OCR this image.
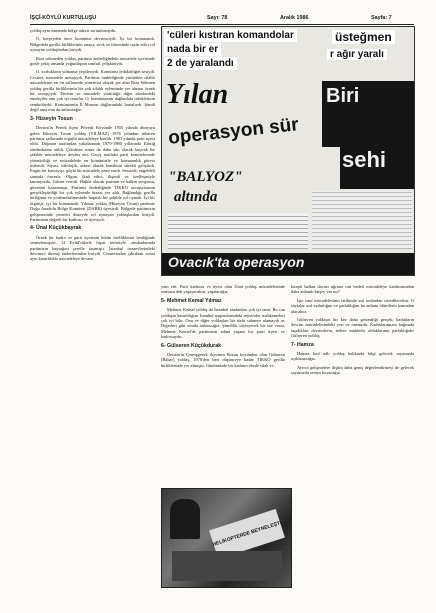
İŞÇİ-KÖYLÜ KURTULUŞU	Sayı: 78	Aralık 1986	Sayfa: 7

yoldaş aynı zamanda bölge askeri sorumlusuydu.

O, herşeyden önce komünist devrimciydi. İyi bir komutandı. Bölgedeki gerilla birliklerinin onaya, sevk ve idaresinde tayin edici rol oynayan yoldaşlardan biriydi.

Rıza sokmeden yoldaş, partinin önderliğindeki mücadele içerisinde gözle çekiç ansında yoğunlaşma sınıfsal çelişkiniyiti.

O, zorlukların yılmama çeşitleriydi. Komünist fedakârlığın sesiydi. Cesaret, mücadele mesajıydı. Partimiz önderliğinde yürütülen silahlı mücadelenin en ön saflarında yöneticisi olarak yer alan Rıza Sökmen yoldaş gerilla birliklerinin bir çok silahlı eyleminde yer alması örnek bir savaşçıydı. Derisin ve mücadele yürüttüğü diğer alanlardaki emekçiler onu çok iyi tanırlar. O, komünizmin dağlardaki tüfeklerinin sembolüydü. Komünizmin İl Munzur dağlarındaki hartalıydı. Şimdi değil ama onu da anlatacağız.

3- Hüseyin Tosun

Dersim'in Pertek ilçesi Pilvesk Köyünde 1955 yılında dünyaya gelen Hüseyin Tosun yoldaş (YILMAZ) 1976 yılından itibaren partimiz saflarında örgütlü mücadeleye katıldı. 1981 yılında parti üyesi oldu. Düşman tarafından yakalanarak 1979-1980 yıllarında Elazığ zindanlarına atıldı. Çıktıktan sonra da daha sıkı olarak kaçırak bir şekilde mücadeleye devam etti. Geçiş mutlaka parti komitelerinde yöneticiliği ve mücadelede en komünistle ve komutanlık görevi üstlendi. Siyasi, ideolojik, askeri olarak kendisini sürekli geliştirdi. Engin bir kavrayışı, güçlü bir mücadele azmi vardı. Sessizdi, engeldeli samada öncesiz. Olgun, iknâ edici, ilişimli ve özelleşmiyle tanınıyordu. Güven verirdi. Halkla olacak partinin ve halkın sevgisini, güvenini kazanmıştı. Partimiz önderliğinde TİKKO savaşçılarının gerçekleştirdiği bir çok eylemde bizzat yer aldı. Bağlandığı gerilla birliğinin ve yönlendirilmesinde başarılı bir şekilde rol oynadı. İyi bir örgütçü, iyi bir komutandı. Yılmaz yoldaş (Hüseyin Tosun) partimiz Doğu Anadolu Bölge Komitesi (DABK) üyesiydi. Bölgede partimizin gelişmesinde yönetici düzeyde rol oynayan yoldaşlardan biriydi. Partimizin değerli bir kadrosu ve üyesiydi.

4- Ünal Küçükbayrak

Örnek bir kadro ve parti üyesinin bütün özelliklerini benliğinde sentezlemiştiri. 12 Eylül'cülerle faşıst terörüyle, zindanlarında partimizin bayrağını şerefle taşımıştı. İstanbul cezaevlerindeki devrimci direniş önderlerinden biriydi. Cezaevinden çıktıktan sonra aynı kararlılıkla mücadeleye devam

'cüleri kıstıran komandolar
nada bir er
2 de yaralandı
üsteğmen
r ağır yaralı
Yılan
operasyon sür
"BALYOZ"
altında
Biri
sehi
Ovacık'ta operasyon

yam etti. Parti kadrosu ve üyesi olan Ünal yoldaş mücadelesinde sonsuza dek yaşayacaktır, yaşatacağız.

5- Mehmet Kemal Yılmaz

Mehmet Kemal yoldaş da İstanbul zindanları çok iyi tanır. Bu can yoldaşın kararlılığını İstanbul mapuslarındaki rejistörler mahkemeleri çok iyi bilir. Onu ve diğer yoldaşları bir türlü sahneye alamayıb ar. Diğerleri gibi onuda anlatacağız. Şimdilik söyleyecek bir söz varsa, Mehmet Kemal'de partimizin adına yaşam bir parti üyesi ve kadrosuydu.

6- Gülseren Küçükdurak

Dersim'in Çemişgezek ilçesinin Bozan köyünden olan Gülseren (Bahar) yoldaş, 1978'den beri düşünceye kadar TİKKO gerilla birliklerinde yer almıştır. Günümüzde bir kadının ebede silah ve

kitaplı halkın davası uğruna can bedeli mücadeleye katılmasından daha anlamlı birşey var mı?

İşte sınıf mücadelesinin tarihinde asıl tonlardan sözedilecektir. O sayfalar asıl aydınlığını ve parlaklığını bu anlamı ölümlerin kanından alacaktır.

Gülseren yoldaşın bir kez daha gösterdiği gerçek, kadınların devrim mücadelesindeki yeri ve önemidir. Kadınlarımızın bağrında taşıdıkları devrimlerin, nelere muktedir olduklarının parlaklığıdır Gülseren yoldaş.

7- Hamza

Hamza kod adlı yoldaş hakkında bilgi gelecek sayımızda açıklanacağız.

Ayrıca gelişmelere ilişkin daha geniş değerlendirmeyi de gelecek sayımızda ortaya koyacağız.

HELİKOPTERDE BEYNELEŞTI
